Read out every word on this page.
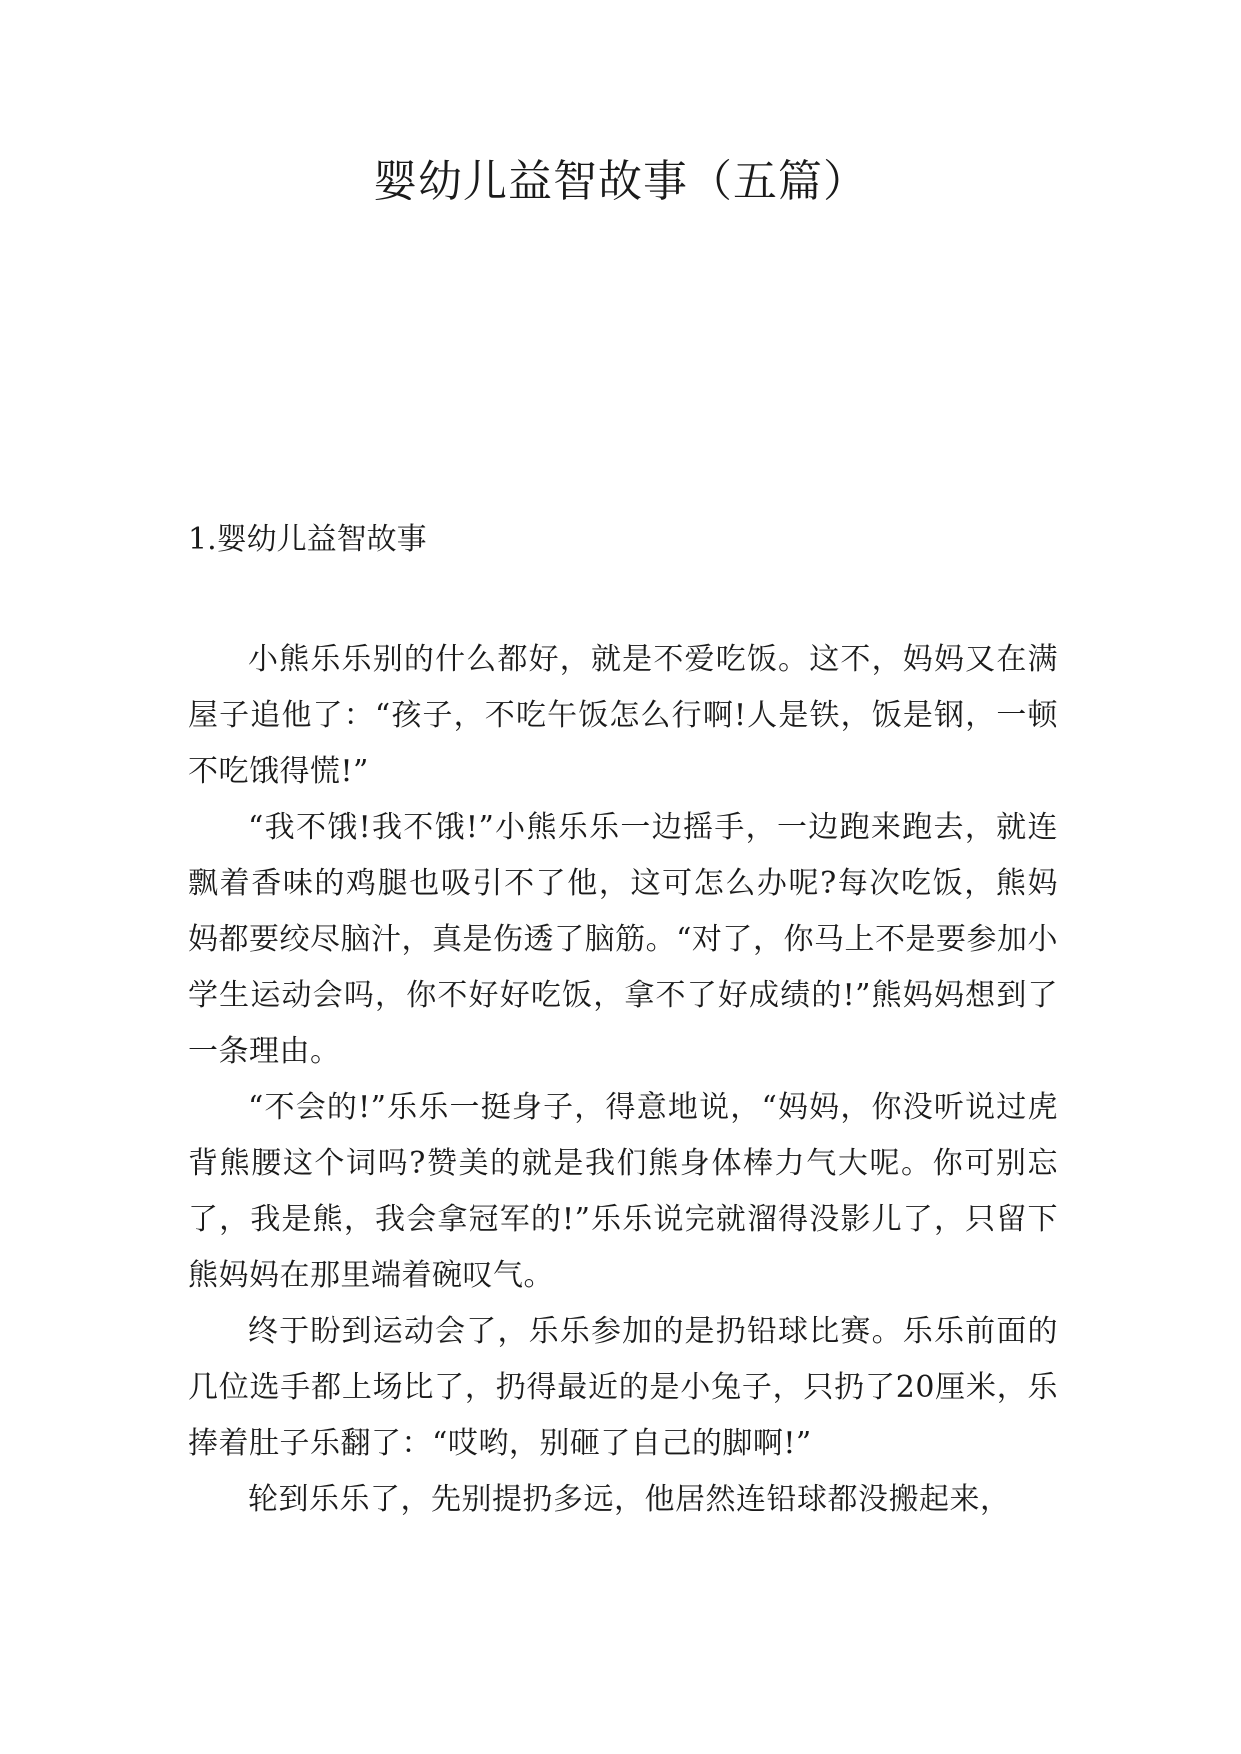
婴幼儿益智故事（五篇）
1.婴幼儿益智故事

小熊乐乐别的什么都好，就是不爱吃饭。这不，妈妈又在满屋子追他了：“孩子，不吃午饭怎么行啊!人是铁，饭是钢，一顿不吃饿得慌!”

“我不饿!我不饿!”小熊乐乐一边摇手，一边跑来跑去，就连飘着香味的鸡腿也吸引不了他，这可怎么办呢?每次吃饭，熊妈妈都要绞尽脑汁，真是伤透了脑筋。“对了，你马上不是要参加小学生运动会吗，你不好好吃饭，拿不了好成绩的!”熊妈妈想到了一条理由。

“不会的!”乐乐一挺身子，得意地说，“妈妈，你没听说过虎背熊腰这个词吗?赞美的就是我们熊身体棒力气大呢。你可别忘了，我是熊，我会拿冠军的!”乐乐说完就溜得没影儿了，只留下熊妈妈在那里端着碗叹气。

终于盼到运动会了，乐乐参加的是扔铅球比赛。乐乐前面的几位选手都上场比了，扔得最近的是小兔子，只扔了20厘米，乐捧着肚子乐翻了：“哎哟，别砸了自己的脚啊!”

轮到乐乐了，先别提扔多远，他居然连铅球都没搬起来，
